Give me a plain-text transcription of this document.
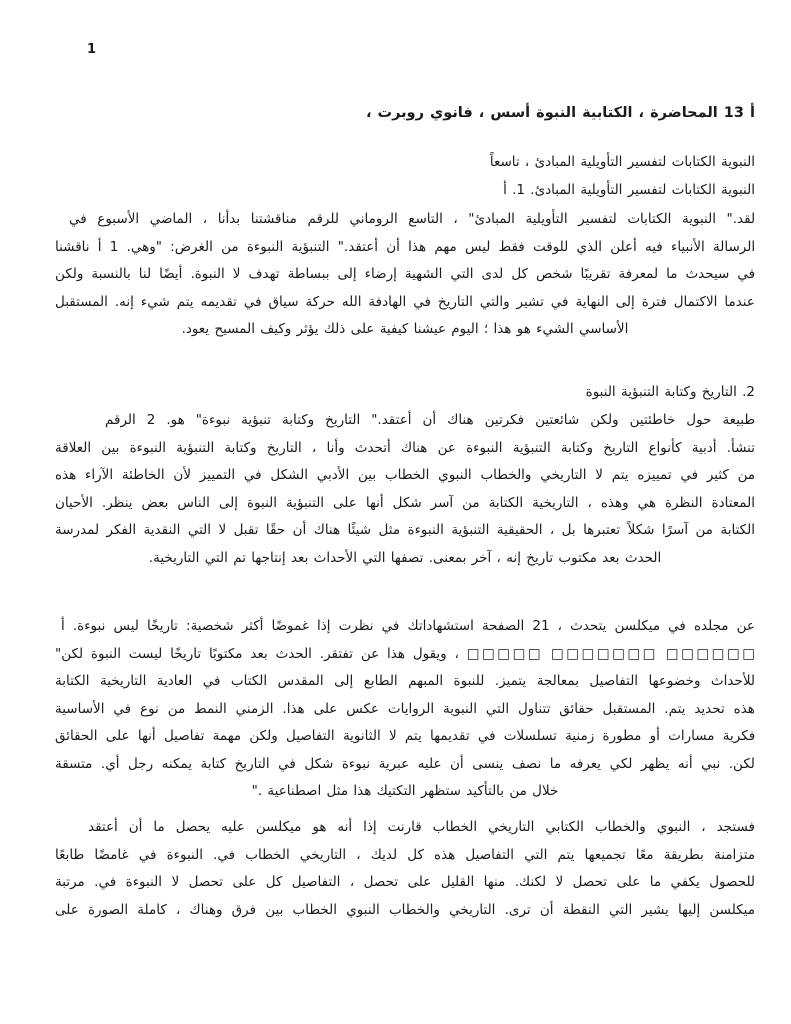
1
، ‎روبرت ‎فانوي ‎، ‎أسس ‎النبوة ‎الكتابية ‎، ‎المحاضرة ‎13 ‎أ
تاسعاً ‎، ‎المبادئ ‎التأويلية ‎لتفسير ‎الكتابات ‎النبوية
أ ‎.1 ‎.المبادئ ‎التأويلية ‎لتفسير ‎الكتابات ‎النبوية
في ‎الأسبوع ‎الماضي ‎، ‎بدأنا ‎مناقشتنا ‎للرقم ‎الروماني ‎التاسع ‎، ‎"المبادئ ‎التأويلية ‎لتفسير ‎الكتابات ‎النبوية ‎".لقد
ناقشنا ‎أ ‎1 ‎.وهي" ‎:الغرض ‎من ‎النبوءة ‎التنبؤية ‎".أعتقد ‎أن ‎هذا ‎مهم ‎ليس ‎فقط ‎للوقت ‎الذي ‎أعلن ‎فيه ‎الأنبياء ‎الرسالة
ولكن ‎بالنسبة ‎لنا ‎أيضًا ‎.النبوة ‎لا ‎تهدف ‎ببساطة ‎إلى ‎إرضاء ‎الشهية ‎التي ‎لدى ‎كل ‎شخص ‎تقريبًا ‎لمعرفة ‎ما ‎سيحدث ‎في
المستقبل ‎.إنه ‎شيء ‎يتم ‎تقديمه ‎في ‎سياق ‎حركة ‎الله ‎الهادفة ‎في ‎التاريخ ‎والتي ‎تشير ‎في ‎النهاية ‎إلى ‎فترة ‎الاكتمال ‎عندما
.يعود ‎المسيح ‎وكيف ‎يؤثر ‎ذلك ‎على ‎كيفية ‎عيشنا ‎اليوم ‎؛ ‎هذا ‎هو ‎الشيء ‎الأساسي
النبوة ‎التنبؤية ‎وكتابة ‎التاريخ ‎.2
الرقم ‎2 ‎.هو ‎"نبوءة ‎تنبؤية ‎وكتابة ‎التاريخ ‎".أعتقد ‎أن ‎هناك ‎فكرتين ‎شائعتين ‎ولكن ‎خاطئتين ‎حول ‎طبيعة
العلاقة ‎بين ‎النبوءة ‎التنبؤية ‎وكتابة ‎التاريخ ‎، ‎وأنا ‎أتحدث ‎هناك ‎عن ‎النبوءة ‎التنبؤية ‎وكتابة ‎التاريخ ‎كأنواع ‎أدبية ‎.تنشأ
هذه ‎الآراء ‎الخاطئة ‎لأن ‎التمييز ‎في ‎الشكل ‎الأدبي ‎بين ‎الخطاب ‎النبوي ‎والخطاب ‎التاريخي ‎لا ‎يتم ‎تمييزه ‎في ‎كثير ‎من
الأحيان ‎.ينظر ‎بعض ‎الناس ‎إلى ‎النبوة ‎التنبؤية ‎على ‎أنها ‎شكل ‎آسر ‎من ‎الكتابة ‎التاريخية ‎، ‎وهذه ‎هي ‎النظرة ‎المعتادة
لمدرسة ‎الفكر ‎النقدية ‎التي ‎لا ‎تقبل ‎حقًا ‎أن ‎هناك ‎شيئًا ‎مثل ‎النبوءة ‎التنبؤية ‎الحقيقية ‎، ‎بل ‎تعتبرها ‎شكلاً ‎آسرًا ‎من ‎الكتابة
.التاريخية ‎التي ‎تم ‎إنتاجها ‎بعد ‎الأحداث ‎التي ‎تصفها ‎.بمعنى ‎آخر ‎، ‎إنه ‎تاريخ ‎مكتوب ‎بعد ‎الحدث
أ ‎.نبوءة ‎ليس ‎تاريخًا ‎:شخصية ‎أكثر ‎غموضًا ‎إذا ‎نظرت ‎في ‎استشهاداتك ‎الصفحة ‎21 ‎، ‎يتحدث ‎ميكلسن ‎في ‎مجلده ‎عن
"لكن ‎النبوة ‎ليست ‎تاريخًا ‎مكتوبًا ‎بعد ‎الحدث ‎.تفتقر ‎عن ‎هذا ‎ويقول ‎، ‎□□□□□ ‎□□□□□□□ ‎□□□□□□
الكتابة ‎التاريخية ‎العادية ‎في ‎الكتاب ‎المقدس ‎إلى ‎الطابع ‎المبهم ‎للنبوة ‎.يتميز ‎بمعالجة ‎التفاصيل ‎وخضوعها ‎للأحداث
الأساسية ‎في ‎نوع ‎من ‎النمط ‎الزمني ‎.هذا ‎على ‎عكس ‎الروايات ‎النبوية ‎التي ‎تتناول ‎حقائق ‎المستقبل ‎.يتم ‎تحديد ‎هذه
الحقائق ‎على ‎أنها ‎تفاصيل ‎مهمة ‎ولكن ‎التفاصيل ‎الثانوية ‎لا ‎يتم ‎تقديمها ‎في ‎تسلسلات ‎زمنية ‎مطورة ‎أو ‎مسارات ‎فكرية
متسقة ‎.أي ‎رجل ‎يمكنه ‎كتابة ‎التاريخ ‎في ‎شكل ‎نبوءة ‎عبرية ‎عليه ‎أن ‎ينسى ‎نصف ‎ما ‎يعرفه ‎لكي ‎يظهر ‎أنه ‎نبي ‎.لكن
". ‎اصطناعية ‎مثل ‎هذا ‎التكتيك ‎ستظهر ‎بالتأكيد ‎من ‎خلال
أعتقد ‎أن ‎ما ‎يحصل ‎عليه ‎ميكلسن ‎هو ‎أنه ‎إذا ‎قارنت ‎الخطاب ‎التاريخي ‎الكتابي ‎والخطاب ‎النبوي ‎، ‎فستجد
طابعًا ‎غامضًا ‎في ‎النبوءة ‎.في ‎الخطاب ‎التاريخي ‎، ‎لديك ‎كل ‎هذه ‎التفاصيل ‎التي ‎يتم ‎تجميعها ‎معًا ‎بطريقة ‎متزامنة
مرتبة ‎.في ‎النبوءة ‎لا ‎تحصل ‎على ‎كل ‎التفاصيل ‎، ‎تحصل ‎على ‎القليل ‎منها ‎.لكنك ‎لا ‎تحصل ‎على ‎ما ‎يكفي ‎للحصول
على ‎الصورة ‎كاملة ‎، ‎وهناك ‎فرق ‎بين ‎الخطاب ‎النبوي ‎والخطاب ‎التاريخي ‎.ترى ‎أن ‎النقطة ‎التي ‎يشير ‎إليها ‎ميكلسن
